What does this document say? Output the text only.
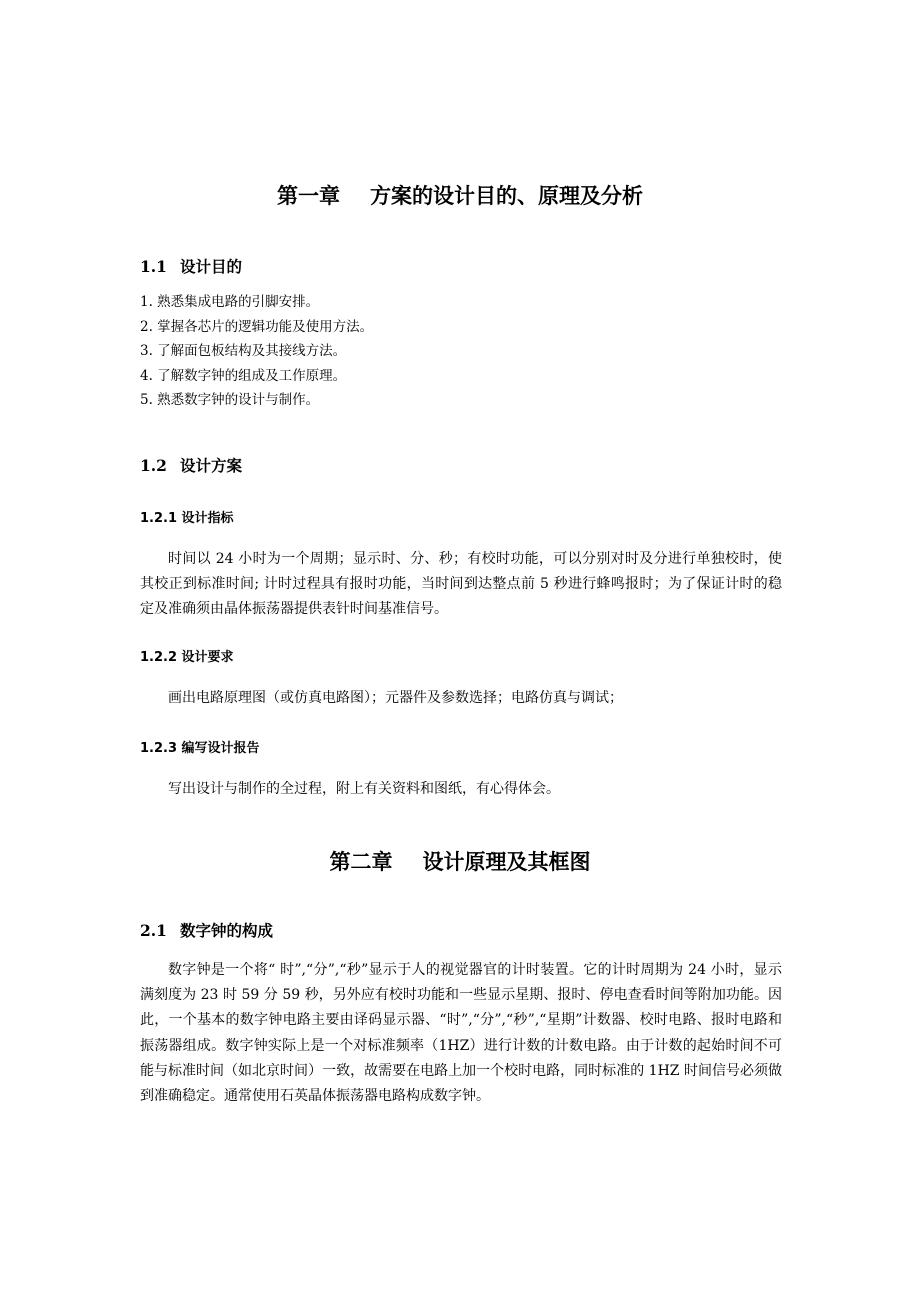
第一章 方案的设计目的、原理及分析
1.1 设计目的
1. 熟悉集成电路的引脚安排。
2. 掌握各芯片的逻辑功能及使用方法。
3. 了解面包板结构及其接线方法。
4. 了解数字钟的组成及工作原理。
5. 熟悉数字钟的设计与制作。
1.2 设计方案
1.2.1 设计指标

时间以 24 小时为一个周期；显示时、分、秒；有校时功能，可以分别对时及分进行单独校时，使其校正到标准时间; 计时过程具有报时功能，当时间到达整点前 5 秒进行蜂鸣报时；为了保证计时的稳定及准确须由晶体振荡器提供表针时间基准信号。

1.2.2 设计要求

画出电路原理图（或仿真电路图）；元器件及参数选择；电路仿真与调试；

1.2.3 编写设计报告

写出设计与制作的全过程，附上有关资料和图纸，有心得体会。

第二章 设计原理及其框图
2.1 数字钟的构成

数字钟是一个将“ 时”,“分”,“秒”显示于人的视觉器官的计时装置。它的计时周期为 24 小时，显示满刻度为 23 时 59 分 59 秒，另外应有校时功能和一些显示星期、报时、停电查看时间等附加功能。因此，一个基本的数字钟电路主要由译码显示器、“时”,“分”,“秒”,“星期”计数器、校时电路、报时电路和振荡器组成。数字钟实际上是一个对标准频率（1HZ）进行计数的计数电路。由于计数的起始时间不可能与标准时间（如北京时间）一致，故需要在电路上加一个校时电路，同时标准的 1HZ 时间信号必须做到准确稳定。通常使用石英晶体振荡器电路构成数字钟。
